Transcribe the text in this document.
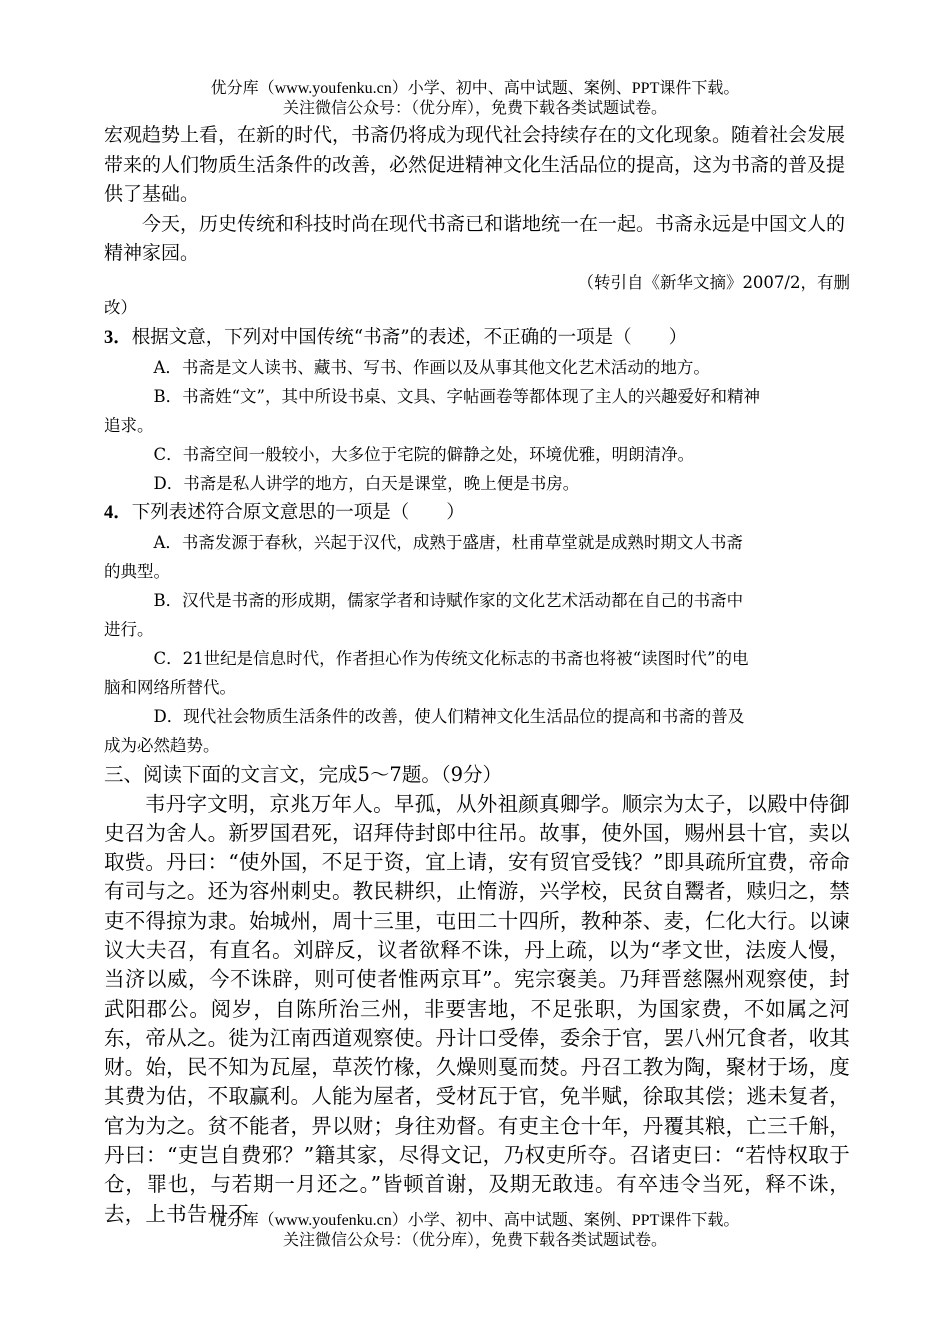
优分库（www.youfenku.cn）小学、初中、高中试题、案例、PPT课件下载。
关注微信公众号：（优分库），免费下载各类试题试卷。

宏观趋势上看，在新的时代，书斋仍将成为现代社会持续存在的文化现象。随着社会发展带来的人们物质生活条件的改善，必然促进精神文化生活品位的提高，这为书斋的普及提供了基础。

今天，历史传统和科技时尚在现代书斋已和谐地统一在一起。书斋永远是中国文人的精神家园。

（转引自《新华文摘》2007/2，有删

改）

3．根据文意，下列对中国传统“书斋”的表述，不正确的一项是（　　）

A．书斋是文人读书、藏书、写书、作画以及从事其他文化艺术活动的地方。

B．书斋姓“文”，其中所设书桌、文具、字帖画卷等都体现了主人的兴趣爱好和精神

追求。

C．书斋空间一般较小，大多位于宅院的僻静之处，环境优雅，明朗清净。

D．书斋是私人讲学的地方，白天是课堂，晚上便是书房。

4．下列表述符合原文意思的一项是（　　）

A．书斋发源于春秋，兴起于汉代，成熟于盛唐，杜甫草堂就是成熟时期文人书斋

的典型。

B．汉代是书斋的形成期，儒家学者和诗赋作家的文化艺术活动都在自己的书斋中

进行。

C．21世纪是信息时代，作者担心作为传统文化标志的书斋也将被“读图时代”的电

脑和网络所替代。

D．现代社会物质生活条件的改善，使人们精神文化生活品位的提高和书斋的普及

成为必然趋势。

三、阅读下面的文言文，完成5～7题。（9分）

韦丹字文明，京兆万年人。早孤，从外祖颜真卿学。顺宗为太子，以殿中侍御史召为舍人。新罗国君死，诏拜侍封郎中往吊。故事，使外国，赐州县十官，卖以取赀。丹曰：“使外国，不足于资，宜上请，安有贸官受钱？”即具疏所宜费，帝命有司与之。还为容州刺史。教民耕织，止惰游，兴学校，民贫自鬻者，赎归之，禁吏不得掠为隶。始城州，周十三里，屯田二十四所，教种茶、麦，仁化大行。以谏议大夫召，有直名。刘辟反，议者欲释不诛，丹上疏，以为“孝文世，法废人慢，当济以威，今不诛辟，则可使者惟两京耳”。宪宗褒美。乃拜晋慈隰州观察使，封武阳郡公。阅岁，自陈所治三州，非要害地，不足张职，为国家费，不如属之河东，帝从之。徙为江南西道观察使。丹计口受俸，委余于官，罢八州冗食者，收其财。始，民不知为瓦屋，草茨竹椽，久燥则戛而焚。丹召工教为陶，聚材于场，度其费为估，不取赢利。人能为屋者，受材瓦于官，免半赋，徐取其偿；逃未复者，官为为之。贫不能者，畀以财；身往劝督。有吏主仓十年，丹覆其粮，亡三千斛，丹曰：“吏岂自费邪？”籍其家，尽得文记，乃权吏所夺。召诸吏曰：“若恃权取于仓，罪也，与若期一月还之。”皆顿首谢，及期无敢违。有卒违令当死，释不诛，去，上书告丹不

优分库（www.youfenku.cn）小学、初中、高中试题、案例、PPT课件下载。
关注微信公众号：（优分库），免费下载各类试题试卷。
